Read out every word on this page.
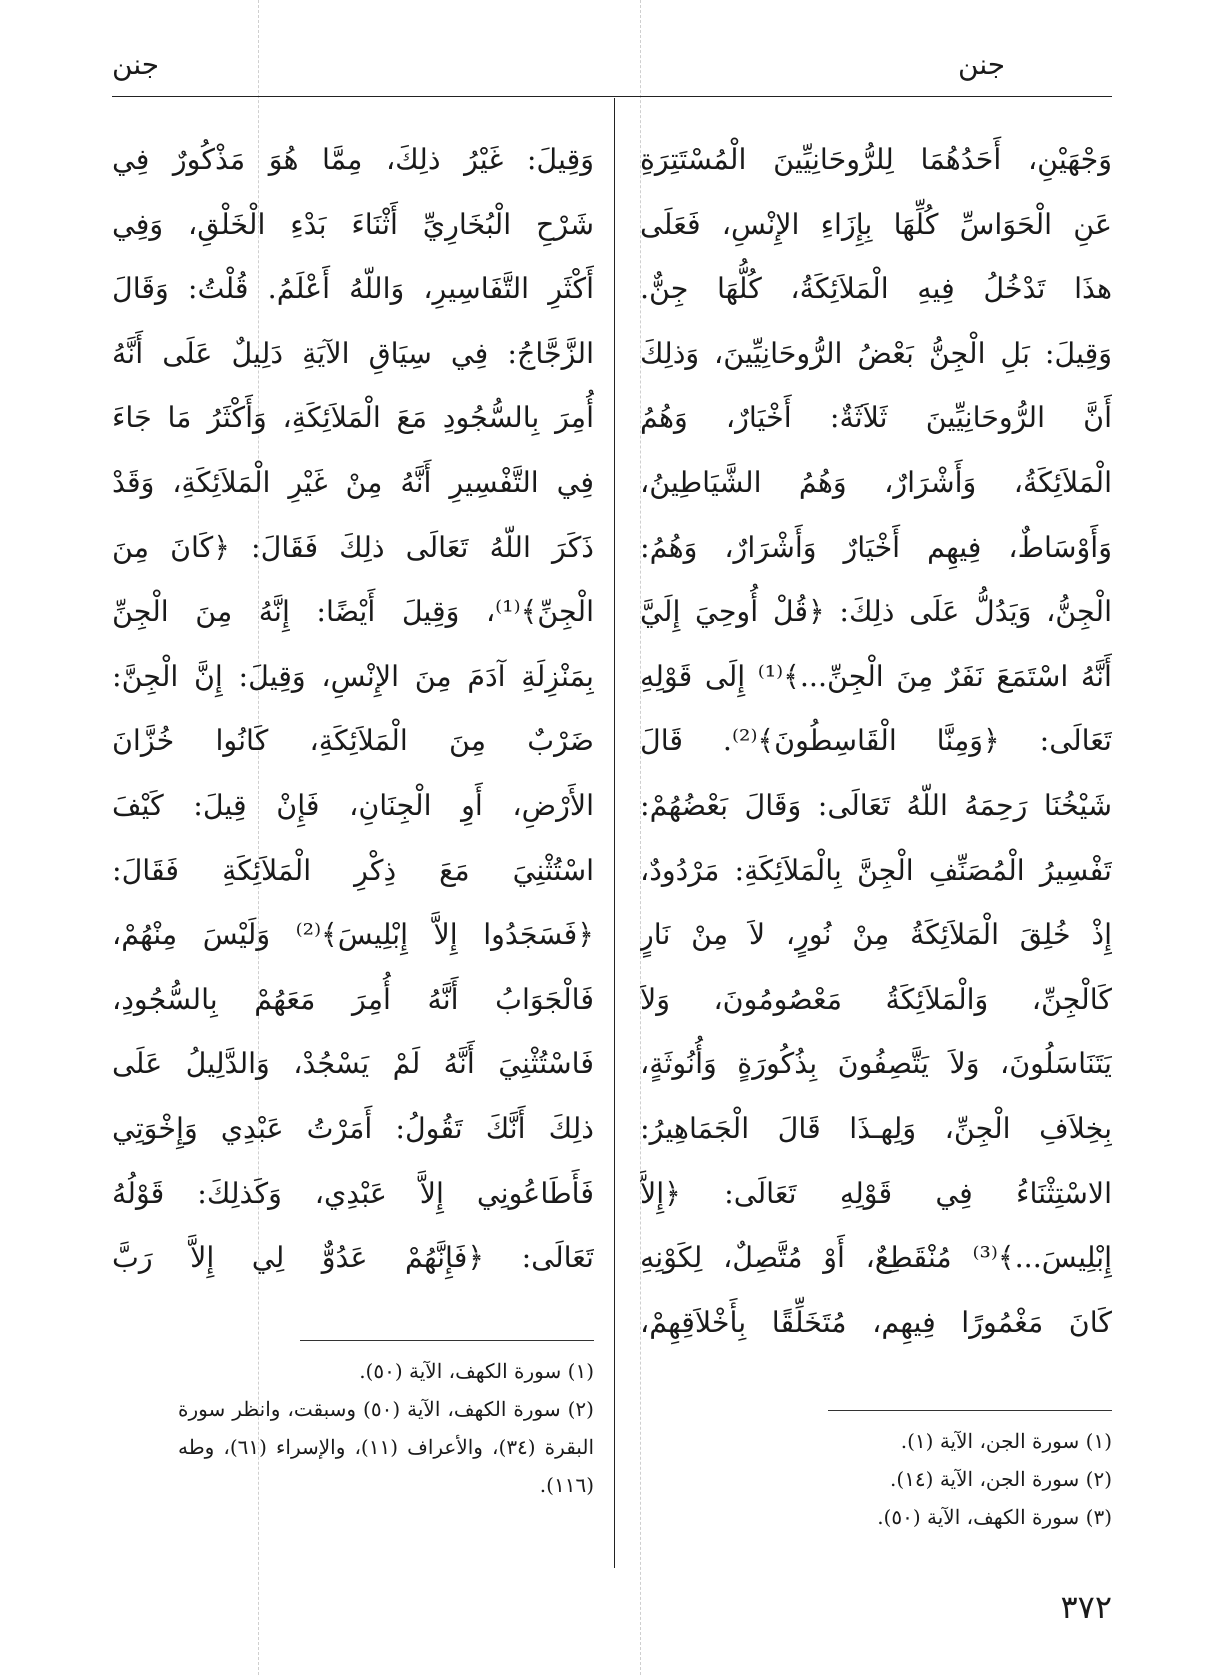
جنن
جنن
وَجْهَيْنِ، أَحَدُهُمَا لِلرُّوحَانِيِّينَ الْمُسْتَتِرَةِ
عَنِ الْحَوَاسِّ كُلِّهَا بِإِزَاءِ الإِنْسِ، فَعَلَى
هذَا تَدْخُلُ فِيهِ الْمَلاَئِكَةُ، كُلُّهَا جِنٌّ.
وَقِيلَ: بَلِ الْجِنُّ بَعْضُ الرُّوحَانِيِّينَ، وَذلِكَ
أَنَّ الرُّوحَانِيِّينَ ثَلاَثَةٌ: أَخْيَارٌ، وَهُمُ
الْمَلاَئِكَةُ، وَأَشْرَارٌ، وَهُمُ الشَّيَاطِينُ،
وَأَوْسَاطٌ، فِيهِم أَخْيَارٌ وَأَشْرَارٌ، وَهُمُ:
الْجِنُّ، وَيَدُلُّ عَلَى ذلِكَ: ﴿قُلْ أُوحِيَ إِلَيَّ
أَنَّهُ اسْتَمَعَ نَفَرٌ مِنَ الْجِنِّ...﴾⁽¹⁾ إِلَى قَوْلِهِ
تَعَالَى: ﴿وَمِنَّا الْقَاسِطُونَ﴾⁽²⁾. قَالَ
شَيْخُنَا رَحِمَهُ اللّهُ تَعَالَى: وَقَالَ بَعْضُهُمْ:
تَفْسِيرُ الْمُصَنِّفِ الْجِنَّ بِالْمَلاَئِكَةِ: مَرْدُودٌ،
إِذْ خُلِقَ الْمَلاَئِكَةُ مِنْ نُورٍ، لاَ مِنْ نَارٍ
كَالْجِنِّ، وَالْمَلاَئِكَةُ مَعْصُومُونَ، وَلاَ
يَتَنَاسَلُونَ، وَلاَ يَتَّصِفُونَ بِذُكُورَةٍ وَأُنُوثَةٍ،
بِخِلاَفِ الْجِنِّ، وَلِهـذَا قَالَ الْجَمَاهِيرُ:
الاسْتِثْنَاءُ فِي قَوْلِهِ تَعَالَى: ﴿إِلاَّ
إِبْلِيسَ...﴾⁽³⁾ مُنْقَطِعٌ، أَوْ مُتَّصِلٌ، لِكَوْنِهِ
كَانَ مَغْمُورًا فِيهِم، مُتَخَلِّقًا بِأَخْلاَقِهِمْ،
وَقِيلَ: غَيْرُ ذلِكَ، مِمَّا هُوَ مَذْكُورٌ فِي
شَرْحِ الْبُخَارِيِّ أَثْنَاءَ بَدْءِ الْخَلْقِ، وَفِي
أَكْثَرِ التَّفَاسِيرِ، وَاللّهُ أَعْلَمُ. قُلْتُ: وَقَالَ
الزَّجَّاجُ: فِي سِيَاقِ الآيَةِ دَلِيلٌ عَلَى أَنَّهُ
أُمِرَ بِالسُّجُودِ مَعَ الْمَلاَئِكَةِ، وَأَكْثَرُ مَا جَاءَ
فِي التَّفْسِيرِ أَنَّهُ مِنْ غَيْرِ الْمَلاَئِكَةِ، وَقَدْ
ذَكَرَ اللّهُ تَعَالَى ذلِكَ فَقَالَ: ﴿كَانَ مِنَ
الْجِنِّ﴾⁽¹⁾، وَقِيلَ أَيْضًا: إِنَّهُ مِنَ الْجِنِّ
بِمَنْزِلَةِ آدَمَ مِنَ الإِنْسِ، وَقِيلَ: إِنَّ الْجِنَّ:
ضَرْبٌ مِنَ الْمَلاَئِكَةِ، كَانُوا خُزَّانَ
الأَرْضِ، أَوِ الْجِنَانِ، فَإِنْ قِيلَ: كَيْفَ
اسْتُثْنِيَ مَعَ ذِكْرِ الْمَلاَئِكَةِ فَقَالَ:
﴿فَسَجَدُوا إِلاَّ إِبْلِيسَ﴾⁽²⁾ وَلَيْسَ مِنْهُمْ،
فَالْجَوَابُ أَنَّهُ أُمِرَ مَعَهُمْ بِالسُّجُودِ،
فَاسْتُثْنِيَ أَنَّهُ لَمْ يَسْجُدْ، وَالدَّلِيلُ عَلَى
ذلِكَ أَنَّكَ تَقُولُ: أَمَرْتُ عَبْدِي وَإِخْوَتِي
فَأَطَاعُونِي إِلاَّ عَبْدِي، وَكَذلِكَ: قَوْلُهُ
تَعَالَى: ﴿فَإِنَّهُمْ عَدُوٌّ لِي إِلاَّ رَبَّ
(١) سورة الجن، الآية (١).
(٢) سورة الجن، الآية (١٤).
(٣) سورة الكهف، الآية (٥٠).
(١) سورة الكهف، الآية (٥٠).
(٢) سورة الكهف، الآية (٥٠) وسبقت، وانظر سورة
البقرة (٣٤)، والأعراف (١١)، والإسراء (٦١)، وطه
(١١٦).
٣٧٢
